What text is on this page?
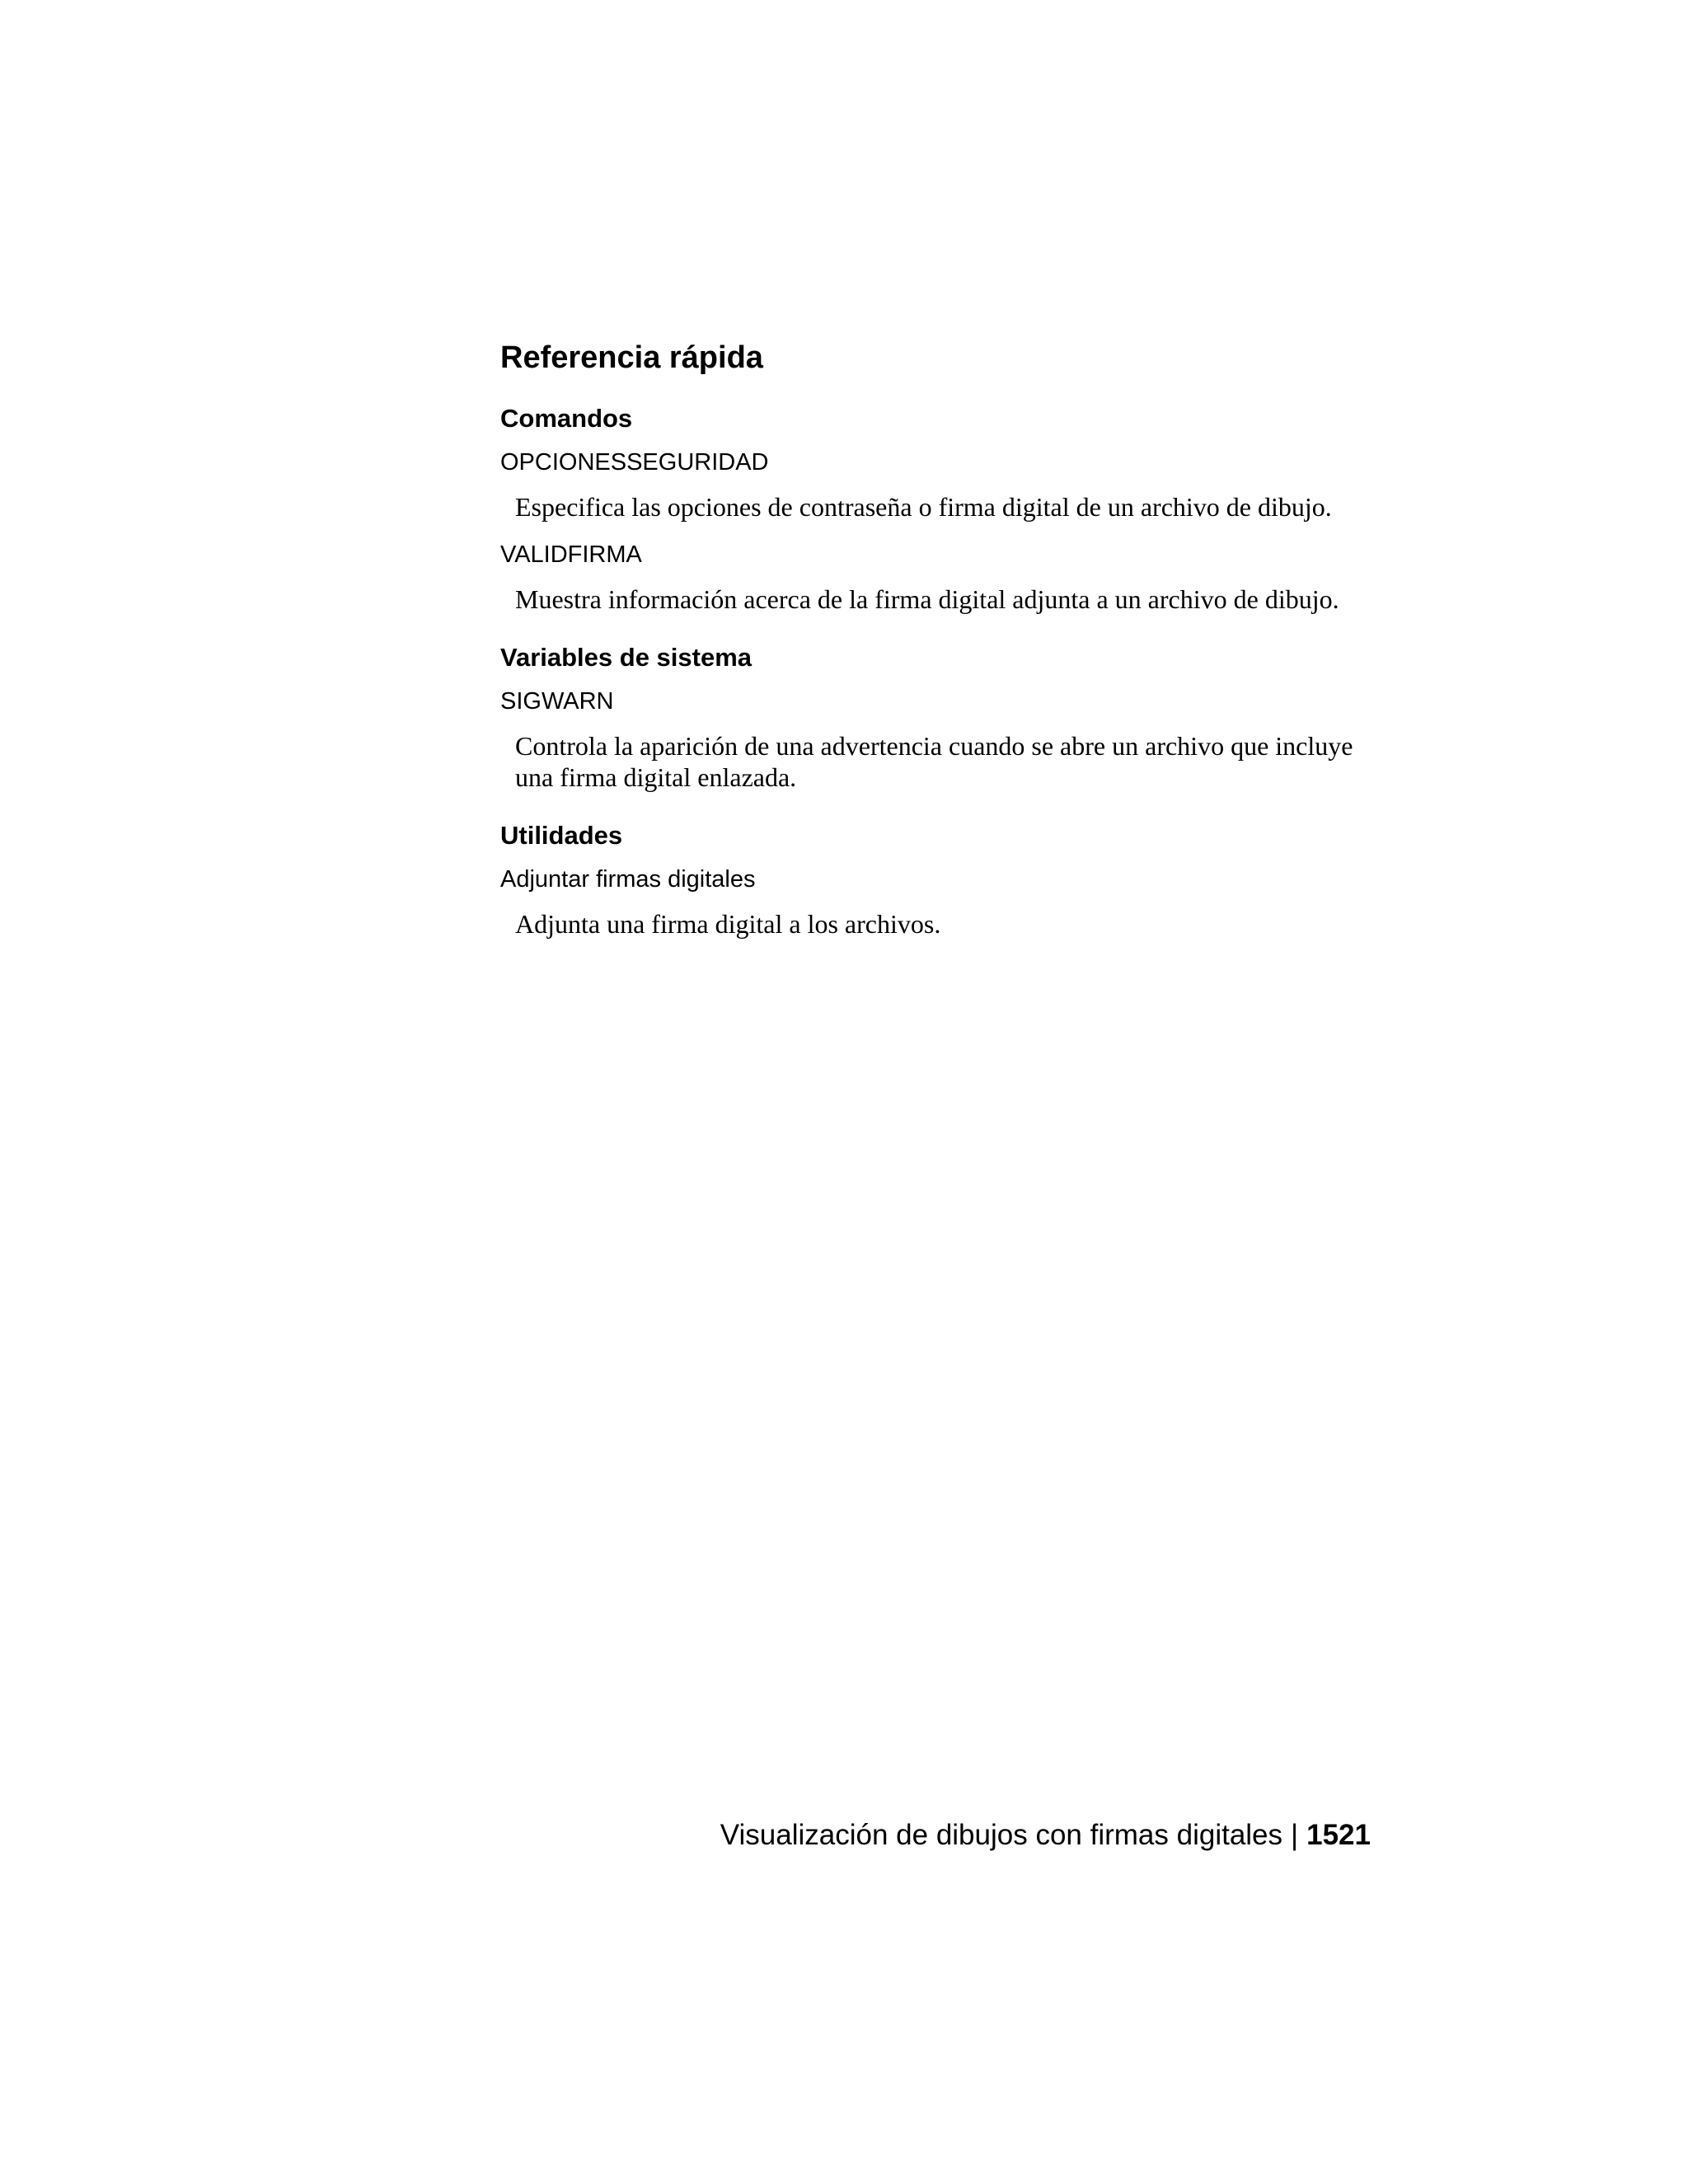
Referencia rápida
Comandos
OPCIONESSEGURIDAD
Especifica las opciones de contraseña o firma digital de un archivo de dibujo.
VALIDFIRMA
Muestra información acerca de la firma digital adjunta a un archivo de dibujo.
Variables de sistema
SIGWARN
Controla la aparición de una advertencia cuando se abre un archivo que incluye una firma digital enlazada.
Utilidades
Adjuntar firmas digitales
Adjunta una firma digital a los archivos.
Visualización de dibujos con firmas digitales | 1521
